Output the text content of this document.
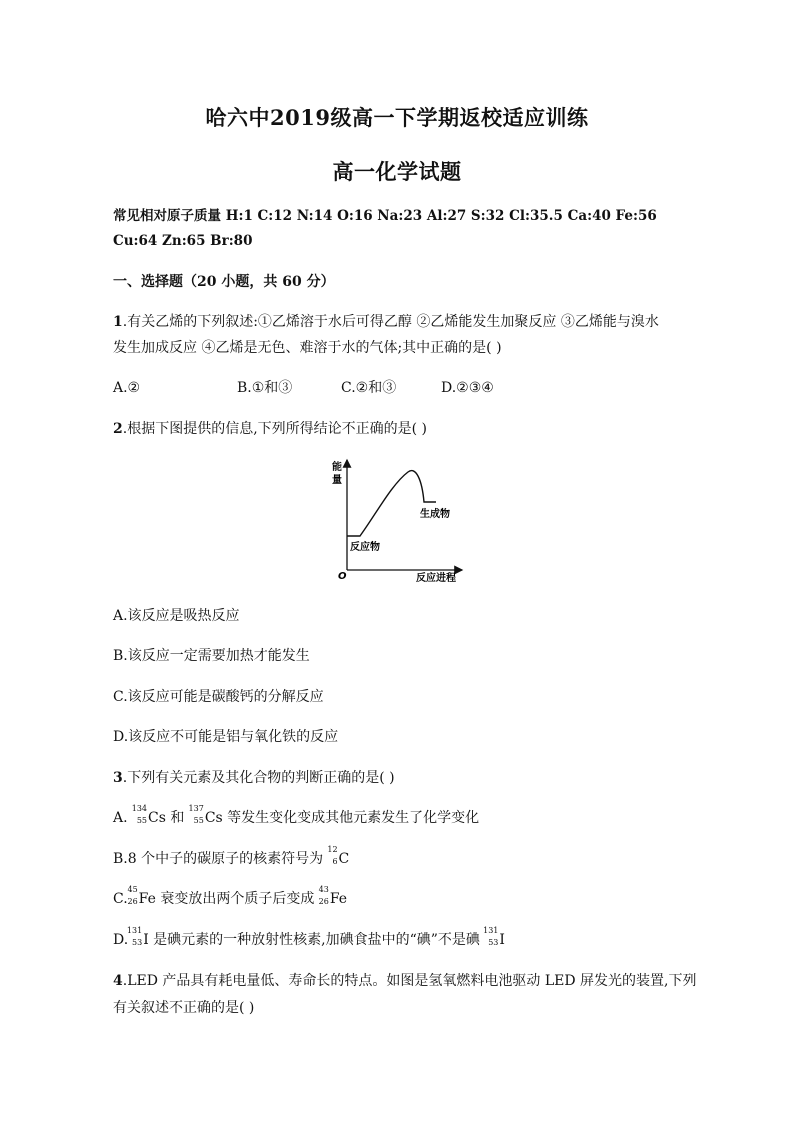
哈六中2019级高一下学期返校适应训练
高一化学试题
常见相对原子质量 H:1 C:12 N:14 O:16 Na:23 Al:27 S:32 Cl:35.5 Ca:40 Fe:56
Cu:64 Zn:65 Br:80
一、选择题（20 小题，共 60 分）
1.有关乙烯的下列叙述:①乙烯溶于水后可得乙醇 ②乙烯能发生加聚反应 ③乙烯能与溴水
发生加成反应 ④乙烯是无色、难溶于水的气体;其中正确的是( )
A.②	B.①和③	C.②和③	D.②③④
2.根据下图提供的信息,下列所得结论不正确的是( )
能
量
O	反应进程
反应物
生成物
A.该反应是吸热反应
B.该反应一定需要加热才能发生
C.该反应可能是碳酸钙的分解反应
D.该反应不可能是铝与氧化铁的反应
3.下列有关元素及其化合物的判断正确的是( )
A.
134
55 Cs 和
137
55 Cs 等发生变化变成其他元素发生了化学变化
B.8 个中子的碳原子的核素符号为
12
6 C
C.
45
26 Fe 衰变放出两个质子后变成
43
26 Fe
D.
131
53 I 是碘元素的一种放射性核素,加碘食盐中的“碘”不是碘
131
53 I
4.LED 产品具有耗电量低、寿命长的特点。如图是氢氧燃料电池驱动 LED 屏发光的装置,下列
有关叙述不正确的是( )
